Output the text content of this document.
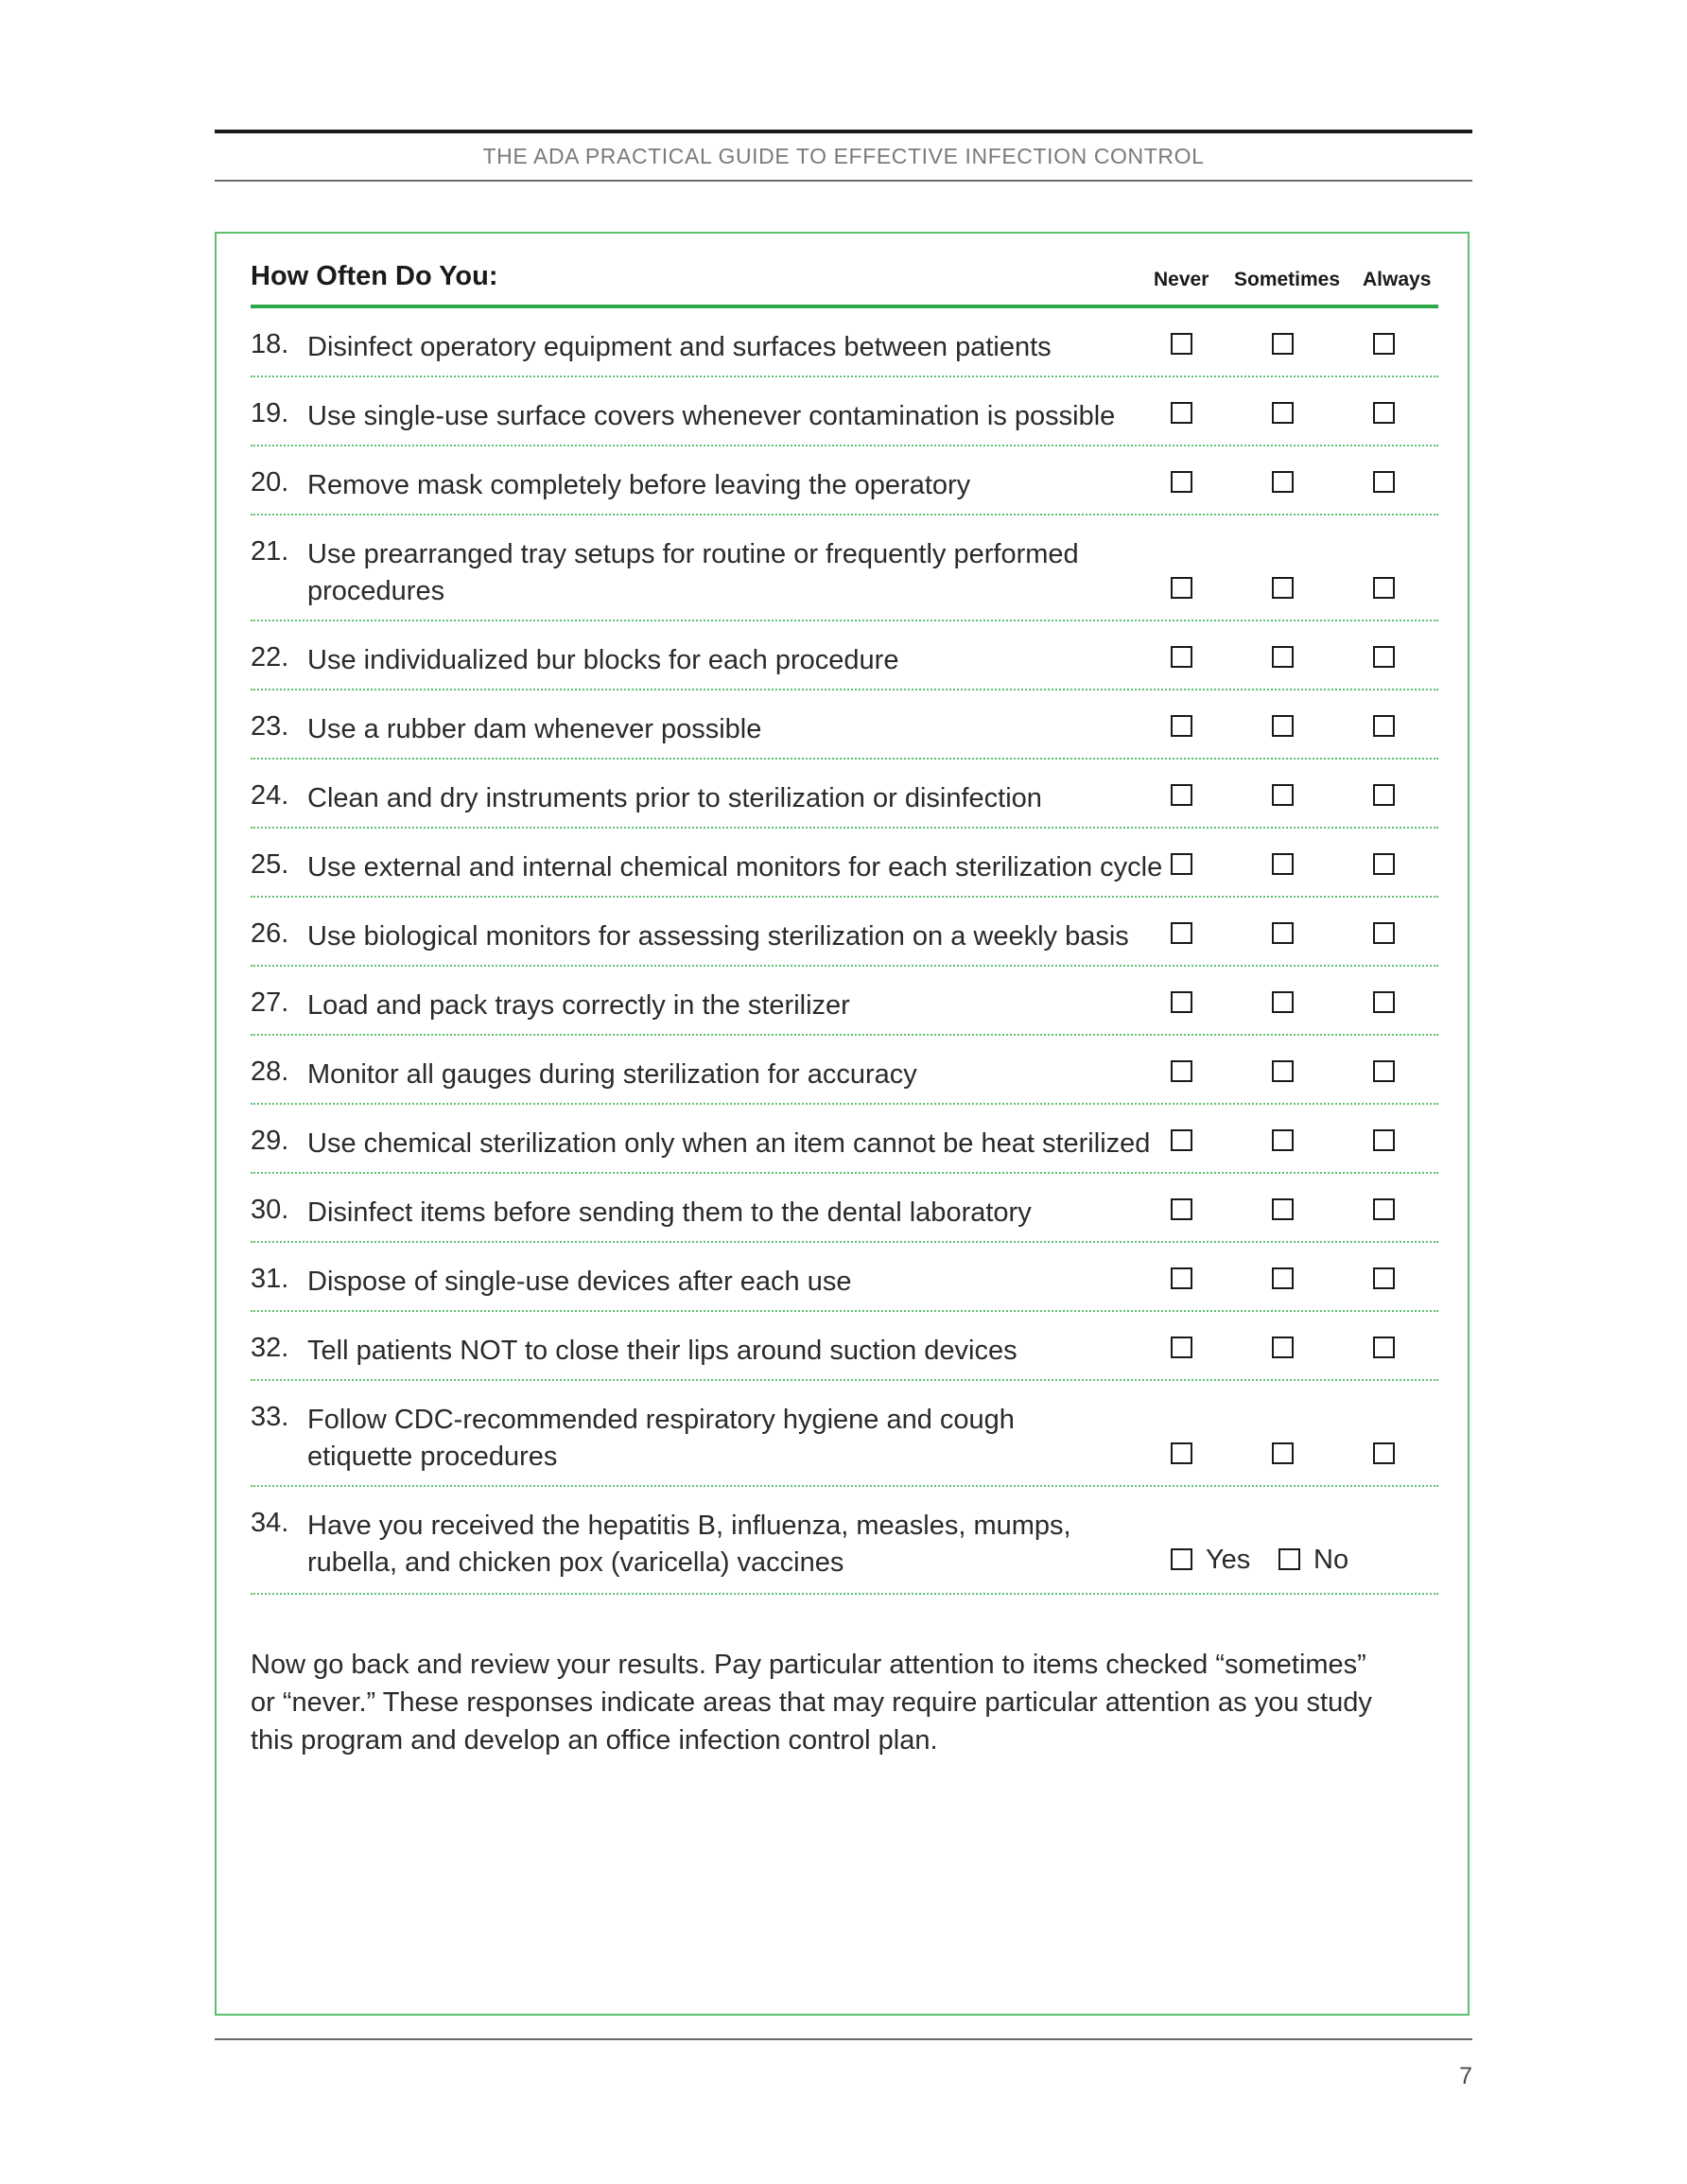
THE ADA PRACTICAL GUIDE TO EFFECTIVE INFECTION CONTROL
How Often Do You:	Never Sometimes Always
18. Disinfect operatory equipment and surfaces between patients
19. Use single-use surface covers whenever contamination is possible
20. Remove mask completely before leaving the operatory
21. Use prearranged tray setups for routine or frequently performed procedures
22. Use individualized bur blocks for each procedure
23. Use a rubber dam whenever possible
24. Clean and dry instruments prior to sterilization or disinfection
25. Use external and internal chemical monitors for each sterilization cycle
26. Use biological monitors for assessing sterilization on a weekly basis
27. Load and pack trays correctly in the sterilizer
28. Monitor all gauges during sterilization for accuracy
29. Use chemical sterilization only when an item cannot be heat sterilized
30. Disinfect items before sending them to the dental laboratory
31. Dispose of single-use devices after each use
32. Tell patients NOT to close their lips around suction devices
33. Follow CDC-recommended respiratory hygiene and cough etiquette procedures
34. Have you received the hepatitis B, influenza, measles, mumps, rubella, and chicken pox (varicella) vaccines	Yes No
Now go back and review your results. Pay particular attention to items checked “sometimes” or “never.” These responses indicate areas that may require particular attention as you study this program and develop an office infection control plan.
7
